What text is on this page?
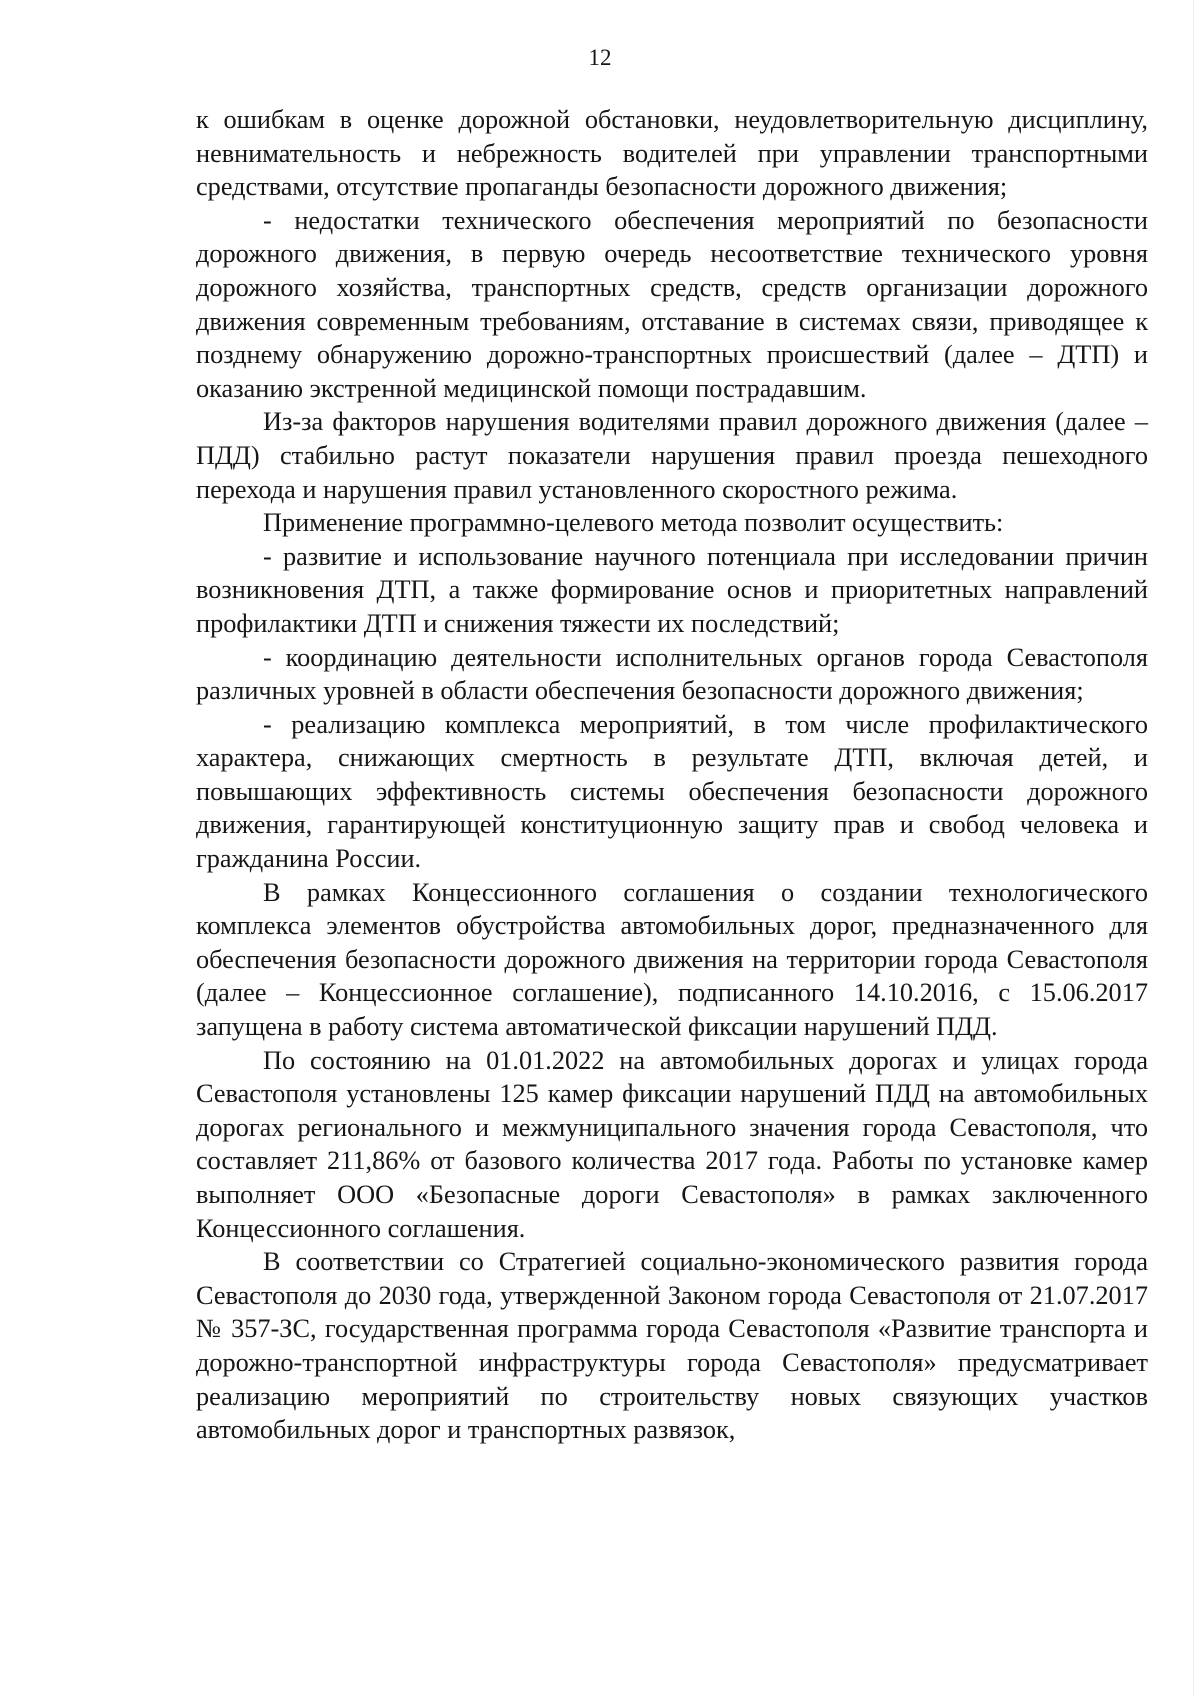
12

к ошибкам в оценке дорожной обстановки, неудовлетворительную дисциплину, невнимательность и небрежность водителей при управлении транспортными средствами, отсутствие пропаганды безопасности дорожного движения;

- недостатки технического обеспечения мероприятий по безопасности дорожного движения, в первую очередь несоответствие технического уровня дорожного хозяйства, транспортных средств, средств организации дорожного движения современным требованиям, отставание в системах связи, приводящее к позднему обнаружению дорожно-транспортных происшествий (далее – ДТП) и оказанию экстренной медицинской помощи пострадавшим.

Из-за факторов нарушения водителями правил дорожного движения (далее – ПДД) стабильно растут показатели нарушения правил проезда пешеходного перехода и нарушения правил установленного скоростного режима.

Применение программно-целевого метода позволит осуществить:

- развитие и использование научного потенциала при исследовании причин возникновения ДТП, а также формирование основ и приоритетных направлений профилактики ДТП и снижения тяжести их последствий;

- координацию деятельности исполнительных органов города Севастополя различных уровней в области обеспечения безопасности дорожного движения;

- реализацию комплекса мероприятий, в том числе профилактического характера, снижающих смертность в результате ДТП, включая детей, и повышающих эффективность системы обеспечения безопасности дорожного движения, гарантирующей конституционную защиту прав и свобод человека и гражданина России.

В рамках Концессионного соглашения о создании технологического комплекса элементов обустройства автомобильных дорог, предназначенного для обеспечения безопасности дорожного движения на территории города Севастополя (далее – Концессионное соглашение), подписанного 14.10.2016, с 15.06.2017 запущена в работу система автоматической фиксации нарушений ПДД.

По состоянию на 01.01.2022 на автомобильных дорогах и улицах города Севастополя установлены 125 камер фиксации нарушений ПДД на автомобильных дорогах регионального и межмуниципального значения города Севастополя, что составляет 211,86% от базового количества 2017 года. Работы по установке камер выполняет ООО «Безопасные дороги Севастополя» в рамках заключенного Концессионного соглашения.

В соответствии со Стратегией социально-экономического развития города Севастополя до 2030 года, утвержденной Законом города Севастополя от 21.07.2017 № 357-ЗС, государственная программа города Севастополя «Развитие транспорта и дорожно-транспортной инфраструктуры города Севастополя» предусматривает реализацию мероприятий по строительству новых связующих участков автомобильных дорог и транспортных развязок,
